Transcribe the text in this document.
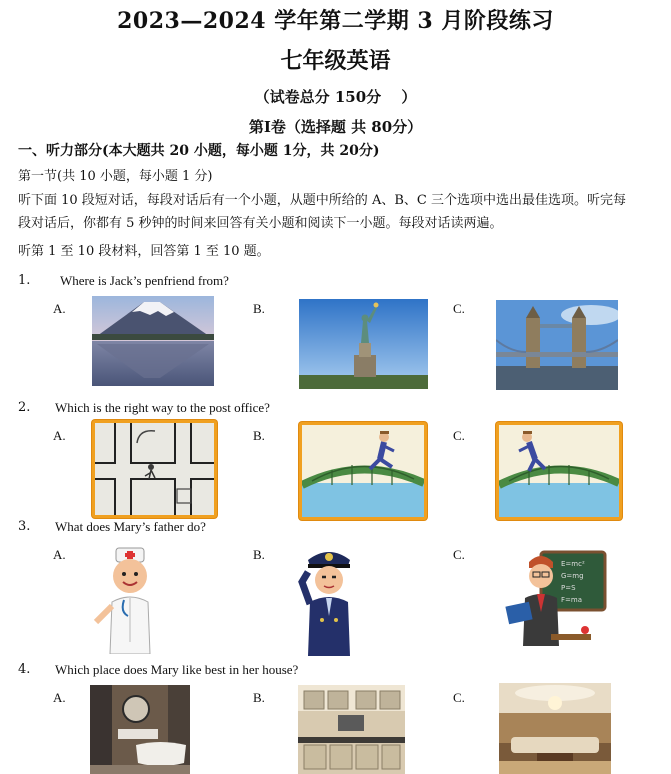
2023—2024 学年第二学期 3 月阶段练习
七年级英语
（试卷总分 150分　 ）
第Ⅰ卷（选择题 共 80分）
一、听力部分(本大题共 20 小题，每小题 1分，共 20分)
第一节(共 10 小题，每小题 1 分)
听下面 10 段短对话，每段对话后有一个小题，从题中所给的 A、B、C 三个选项中选出最佳选项。听完每
段对话后，你都有 5 秒钟的时间来回答有关小题和阅读下一小题。每段对话读两遍。
听第 1 至 10 段材料，回答第 1 至 10 题。
1. Where is Jack’s penfriend from?
A.	B.	C.
2. Which is the right way to the post office?
A.	B.	C.
3. What does Mary’s father do?
A.	B.	C.
E=mc²
G=mg
P=S
F=ma
4. Which place does Mary like best in her house?
A.	B.	C.
